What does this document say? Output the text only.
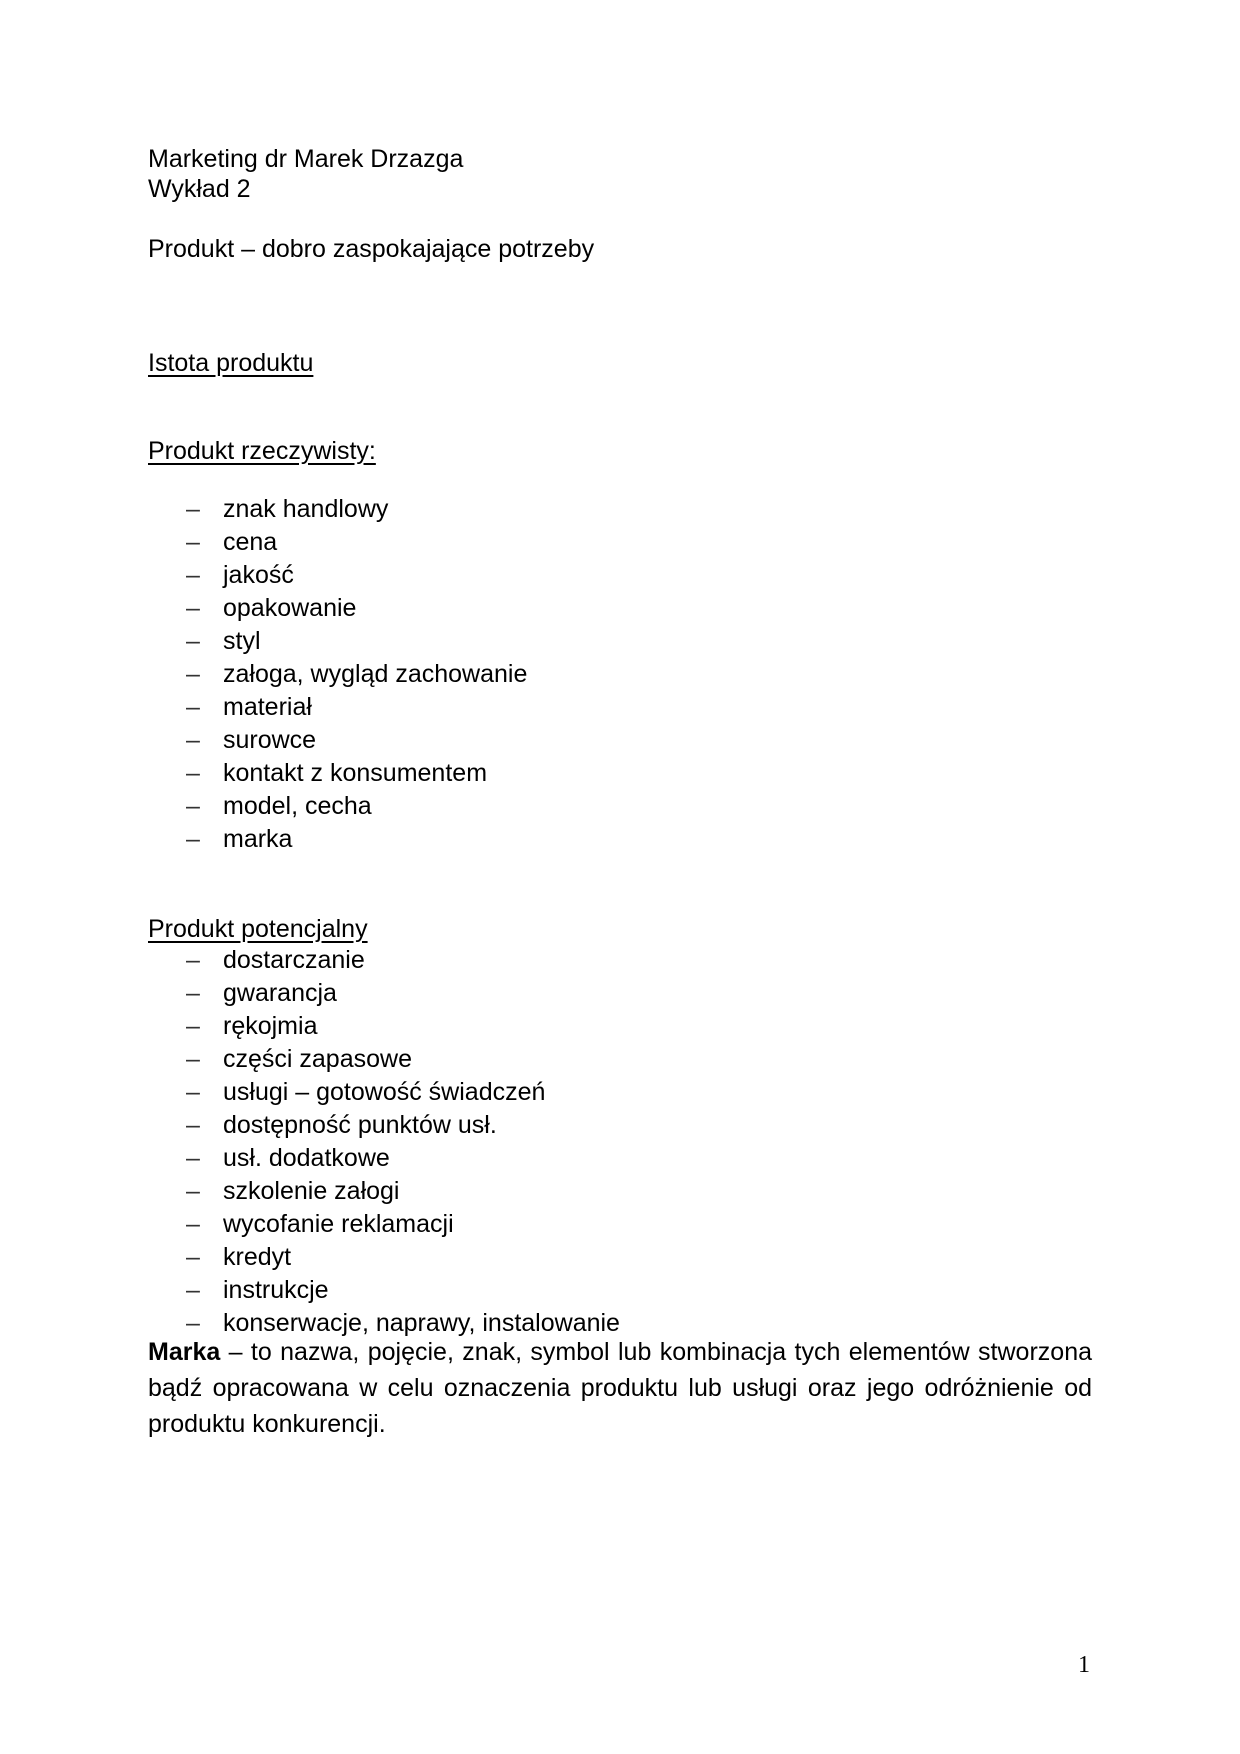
Marketing dr Marek Drzazga
Wykład 2
Produkt – dobro zaspokajające potrzeby
Istota produktu
Produkt rzeczywisty:
– znak handlowy
– cena
– jakość
– opakowanie
– styl
– załoga, wygląd zachowanie
– materiał
– surowce
– kontakt z konsumentem
– model, cecha
– marka
Produkt potencjalny
– dostarczanie
– gwarancja
– rękojmia
– części zapasowe
– usługi – gotowość świadczeń
– dostępność punktów usł.
– usł. dodatkowe
– szkolenie załogi
– wycofanie reklamacji
– kredyt
– instrukcje
– konserwacje, naprawy, instalowanie

Marka – to nazwa, pojęcie, znak, symbol lub kombinacja tych elementów stworzona bądź opracowana w celu oznaczenia produktu lub usługi oraz jego odróżnienie od produktu konkurencji.

1
